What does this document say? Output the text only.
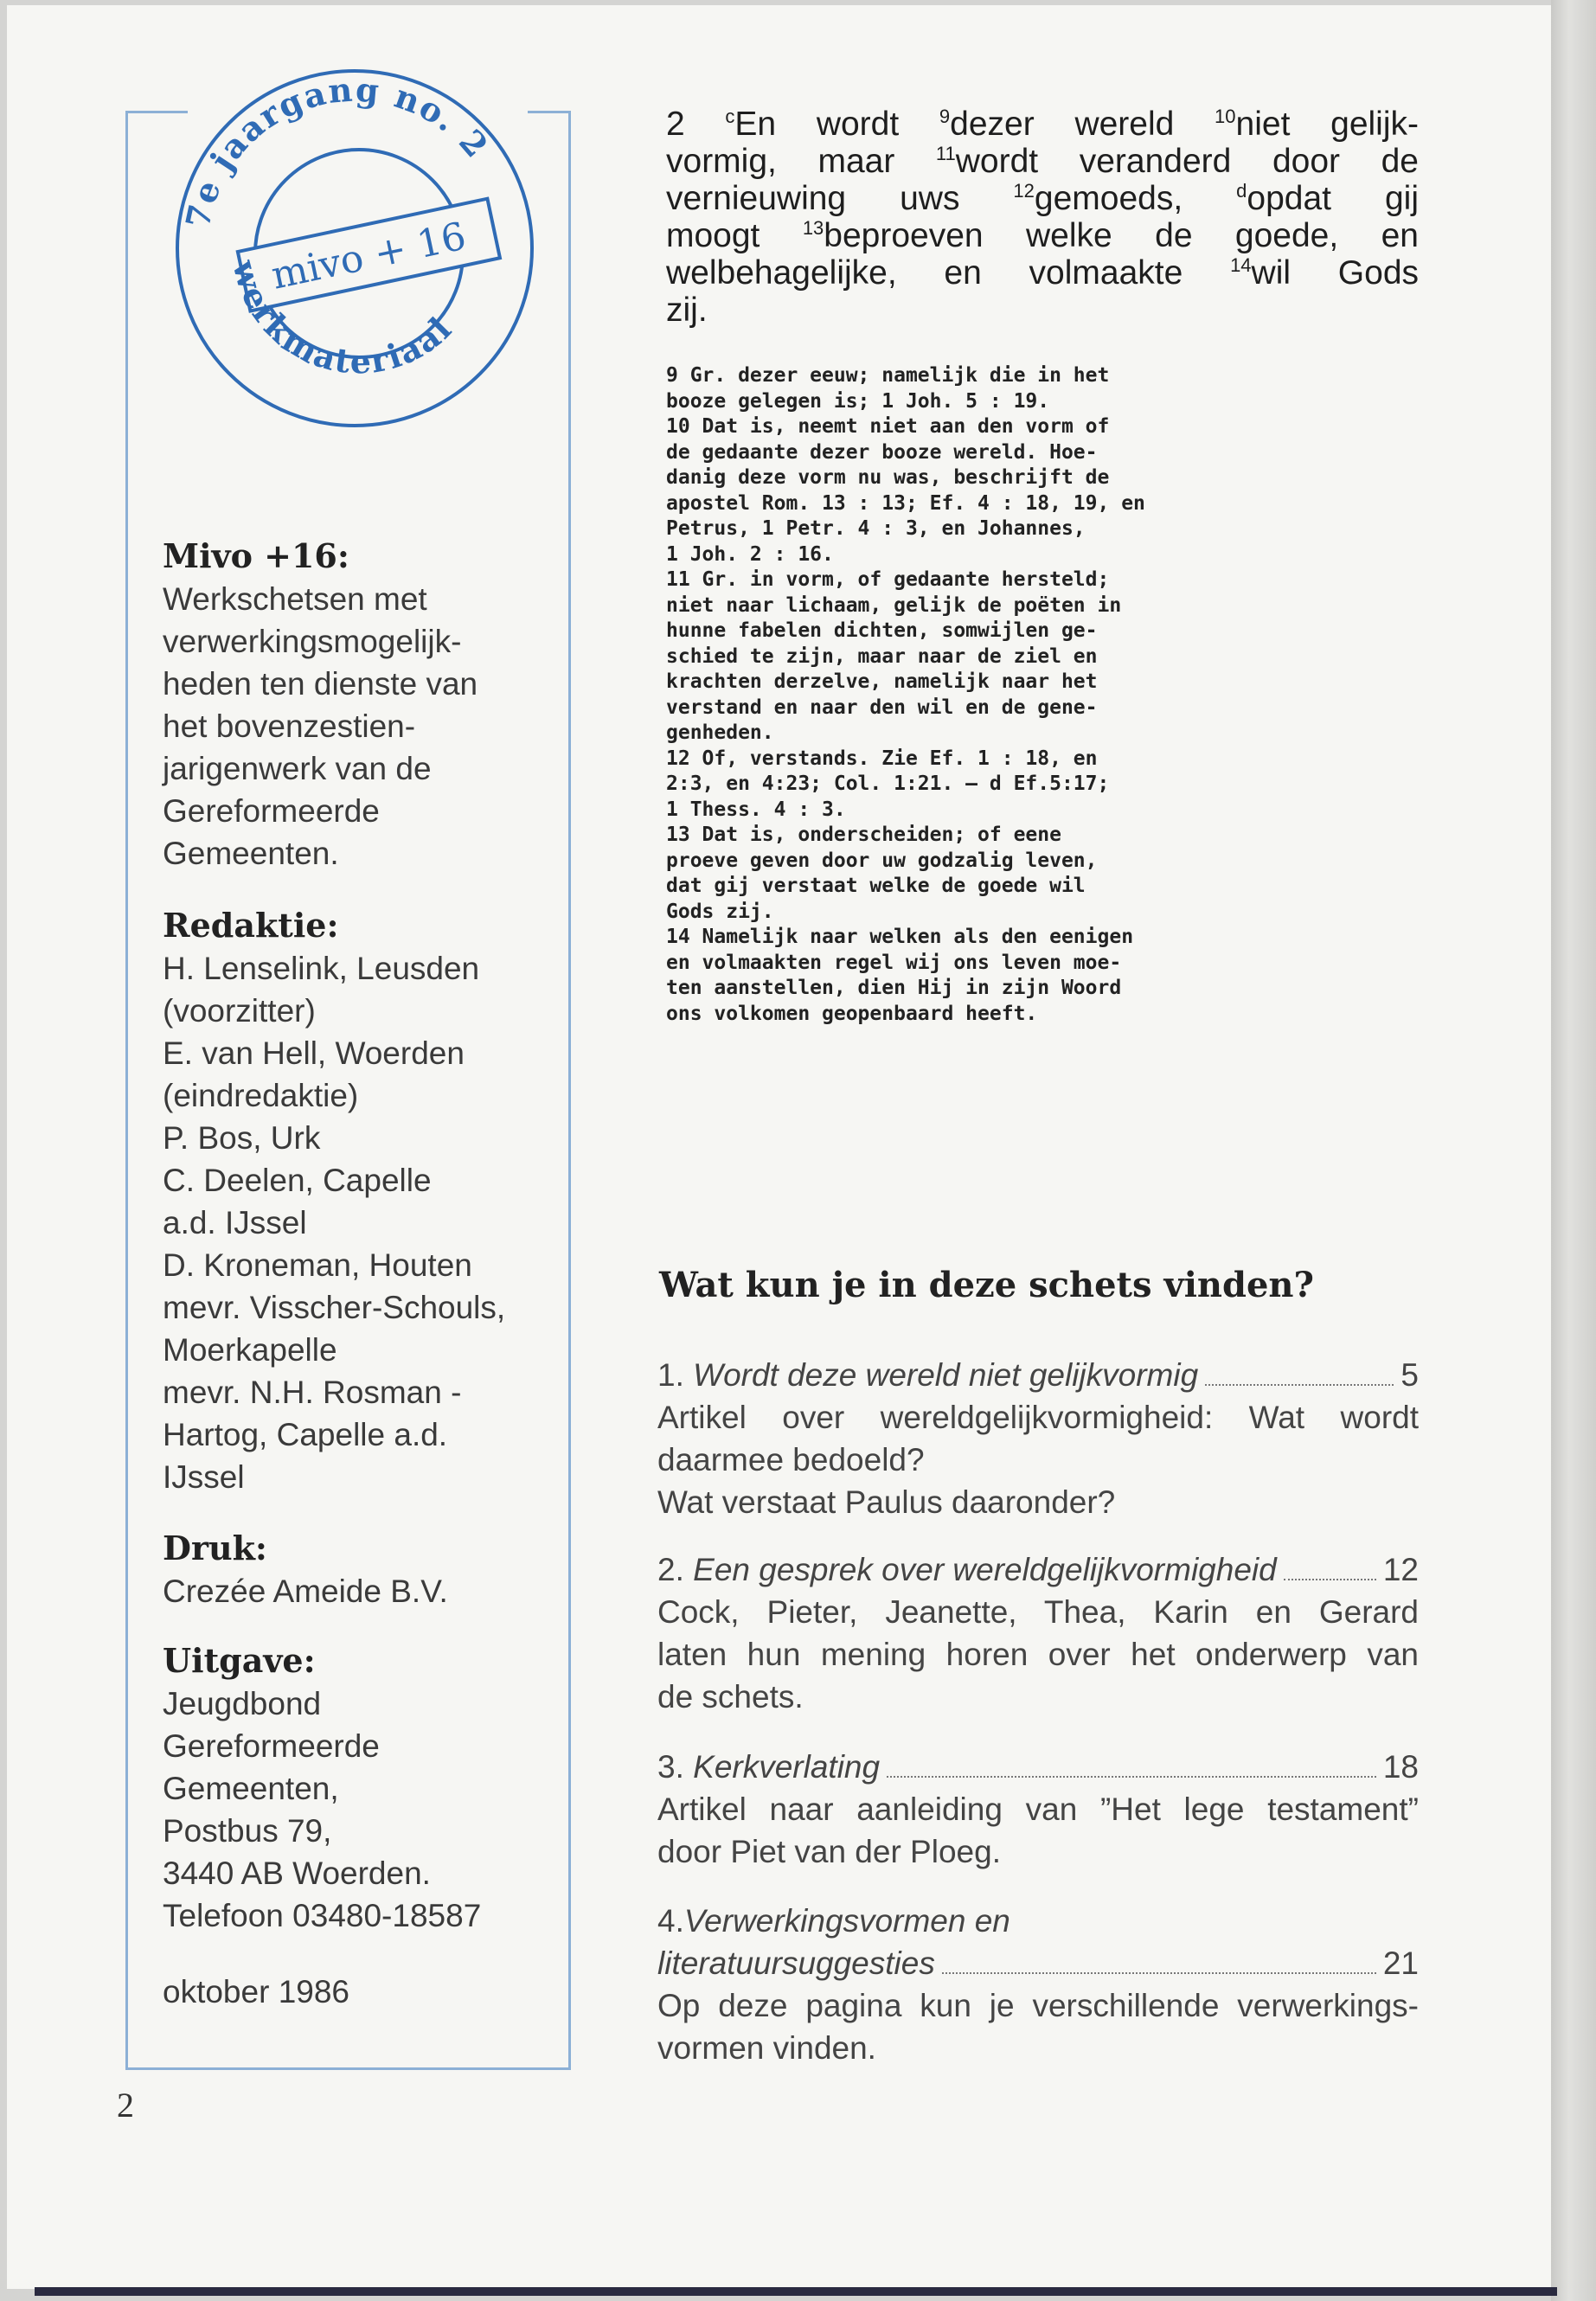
7e jaargang no. 2
mivo + 16
werkmateriaal
Mivo +16:
Werkschetsen met
verwerkingsmogelijk-
heden ten dienste van
het bovenzestien-
jarigenwerk van de
Gereformeerde
Gemeenten.
Redaktie:
H. Lenselink, Leusden
(voorzitter)
E. van Hell, Woerden
(eindredaktie)
P. Bos, Urk
C. Deelen, Capelle
a.d. IJssel
D. Kroneman, Houten
mevr. Visscher-Schouls,
Moerkapelle
mevr. N.H. Rosman -
Hartog, Capelle a.d.
IJssel
Druk:
Crezée Ameide B.V.
Uitgave:
Jeugdbond
Gereformeerde
Gemeenten,
Postbus 79,
3440 AB Woerden.
Telefoon 03480-18587
oktober 1986
2 $^c$En wordt $^9$dezer wereld $^{10}$niet gelijk-
vormig, maar $^{11}$wordt veranderd door de
vernieuwing uws $^{12}$gemoeds, $^d$opdat gij
moogt $^{13}$beproeven welke de goede, en
welbehagelijke, en volmaakte $^{14}$wil Gods
zij.
9 Gr. dezer eeuw; namelijk die in het
booze gelegen is; 1 Joh. 5 : 19.
10 Dat is, neemt niet aan den vorm of
de gedaante dezer booze wereld. Hoe-
danig deze vorm nu was, beschrijft de
apostel Rom. 13 : 13; Ef. 4 : 18, 19, en
Petrus, 1 Petr. 4 : 3, en Johannes,
1 Joh. 2 : 16.
11 Gr. in vorm, of gedaante hersteld;
niet naar lichaam, gelijk de poëten in
hunne fabelen dichten, somwijlen ge-
schied te zijn, maar naar de ziel en
krachten derzelve, namelijk naar het
verstand en naar den wil en de gene-
genheden.
12 Of, verstands. Zie Ef. 1 : 18, en
2:3, en 4:23; Col. 1:21. — d Ef.5:17;
1 Thess. 4 : 3.
13 Dat is, onderscheiden; of eene
proeve geven door uw godzalig leven,
dat gij verstaat welke de goede wil
Gods zij.
14 Namelijk naar welken als den eenigen
en volmaakten regel wij ons leven moe-
ten aanstellen, dien Hij in zijn Woord
ons volkomen geopenbaard heeft.
Wat kun je in deze schets vinden?
1. Wordt deze wereld niet gelijkvormig	5
Artikel over wereldgelijkvormigheid: Wat wordt
daarmee bedoeld?
Wat verstaat Paulus daaronder?
2. Een gesprek over wereldgelijkvormigheid	12
Cock, Pieter, Jeanette, Thea, Karin en Gerard
laten hun mening horen over het onderwerp van
de schets.
3. Kerkverlating	18
Artikel naar aanleiding van ”Het lege testament”
door Piet van der Ploeg.
4. Verwerkingsvormen en
literatuursuggesties	21
Op deze pagina kun je verschillende verwerkings-
vormen vinden.
2
